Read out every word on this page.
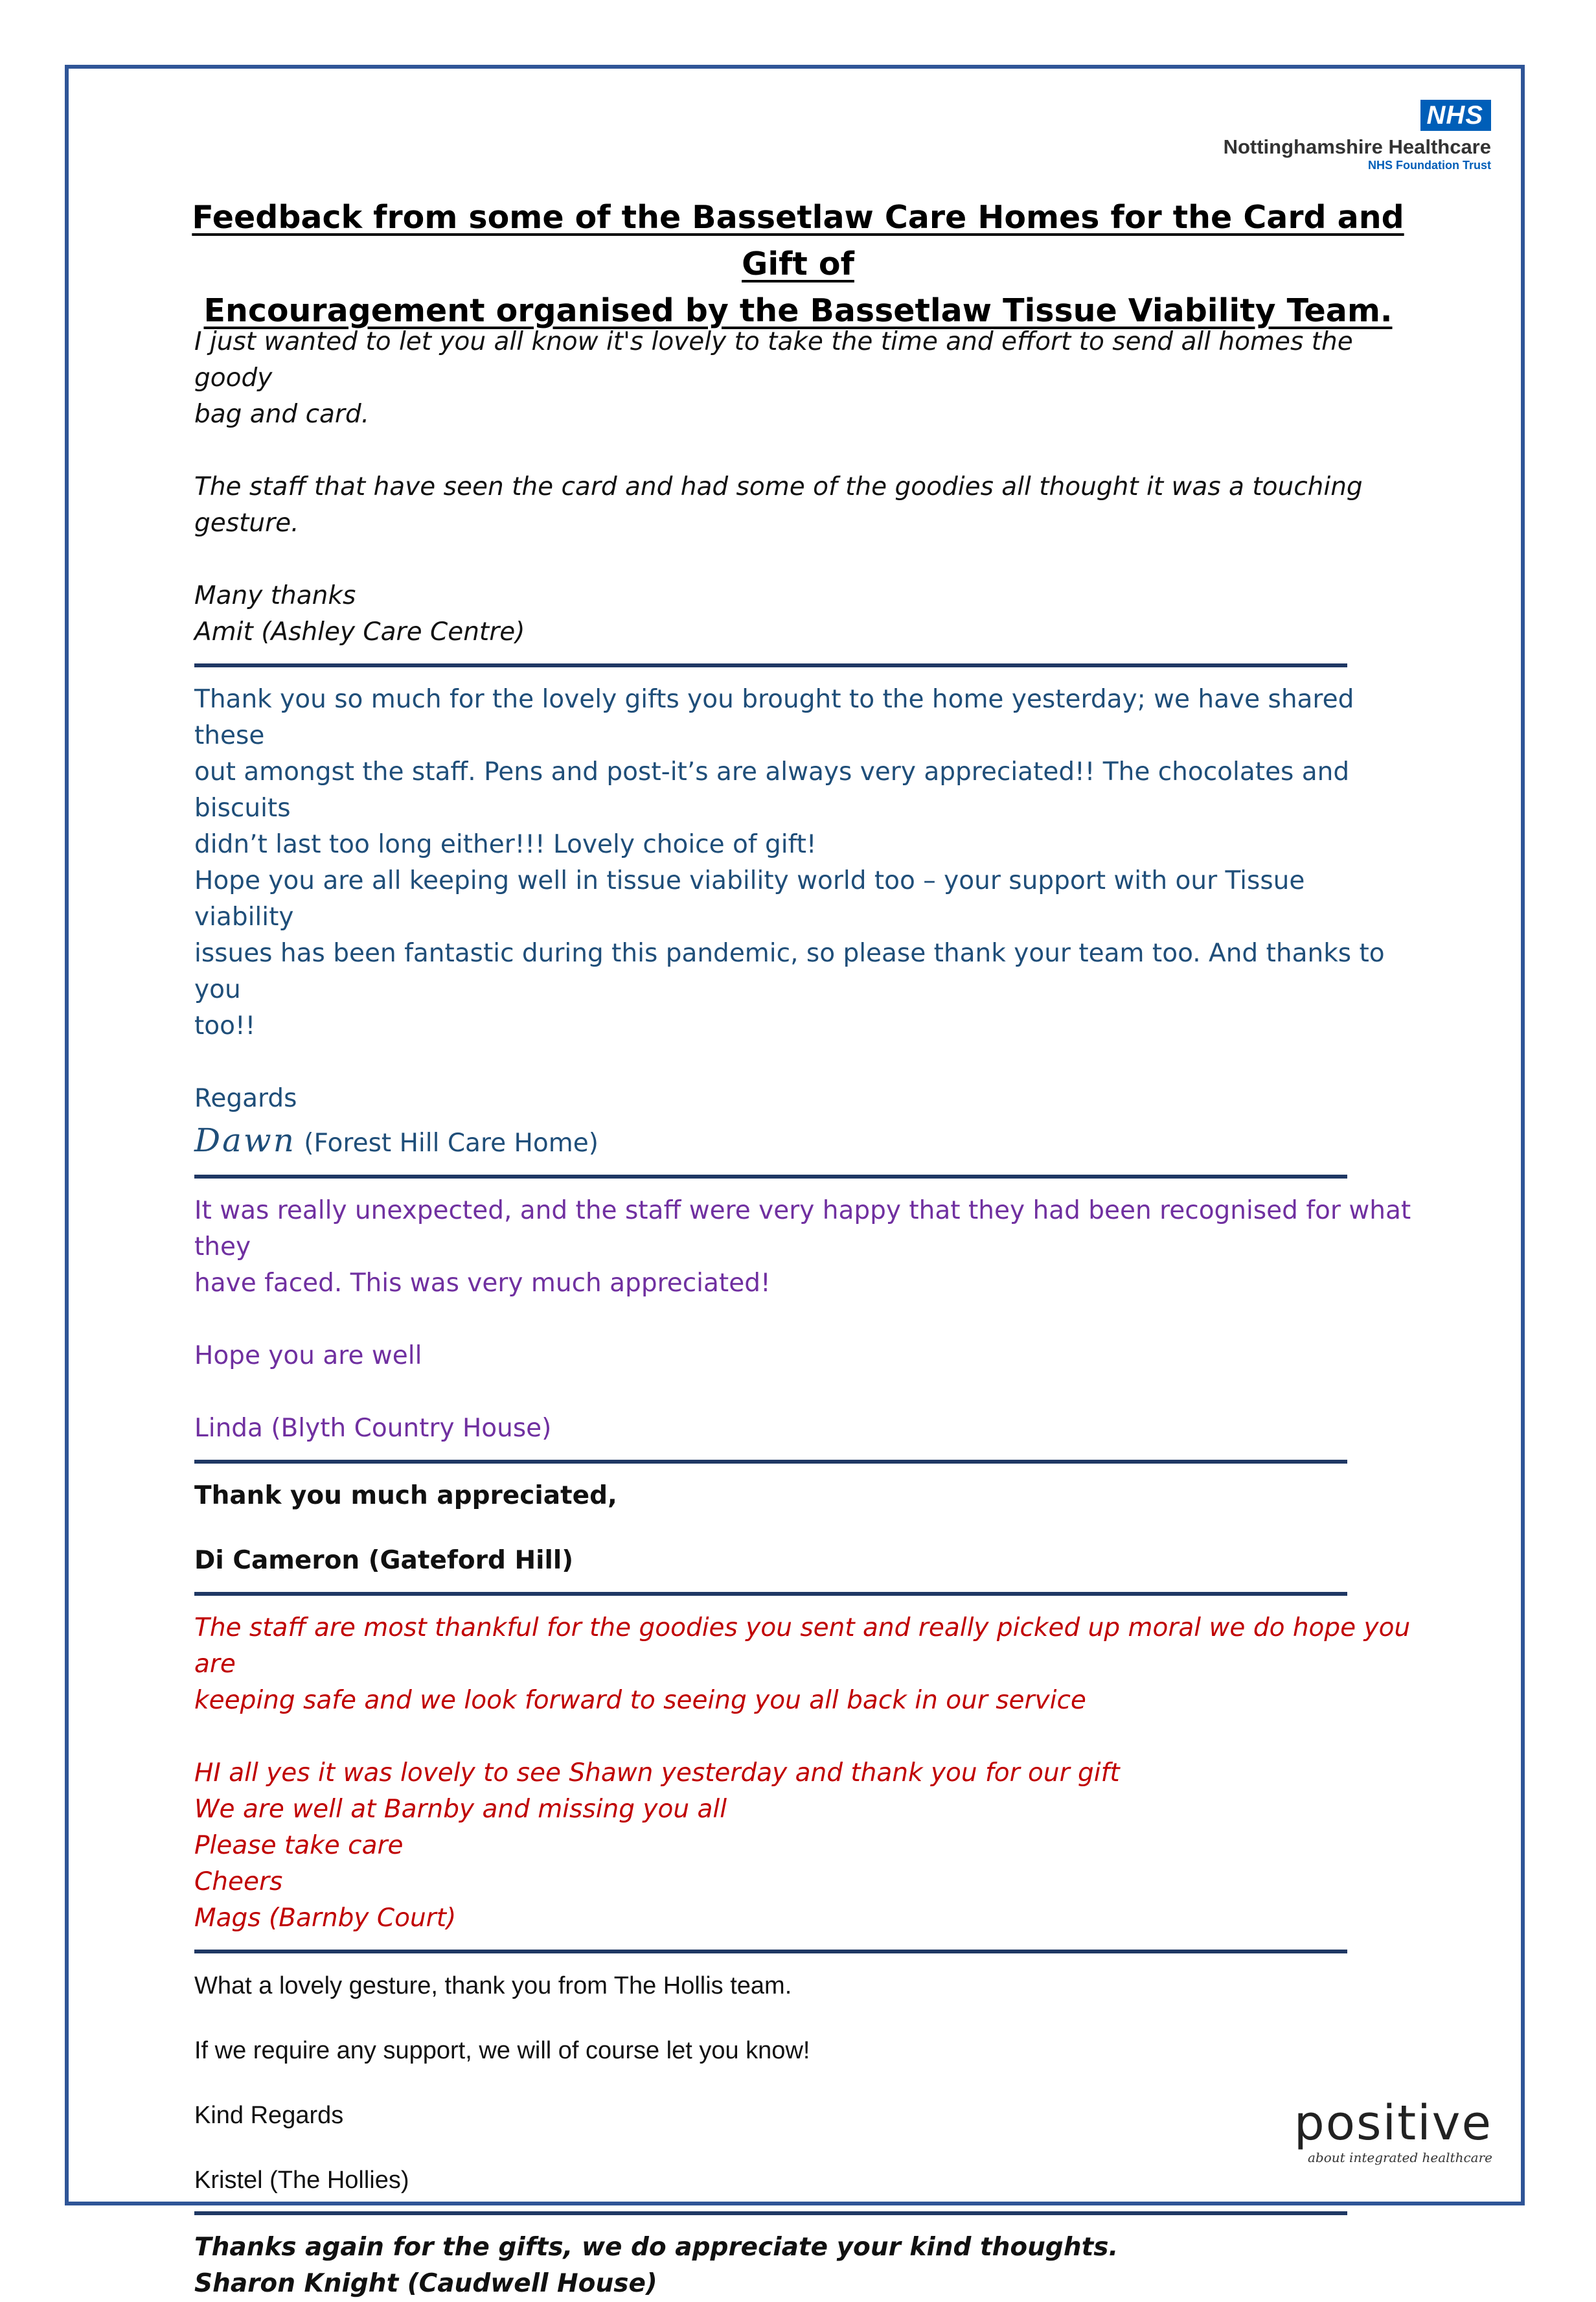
NHS
Nottinghamshire Healthcare
NHS Foundation Trust
Feedback from some of the Bassetlaw Care Homes for the Card and Gift of
Encouragement organised by the Bassetlaw Tissue Viability Team.

I just wanted to let you all know it's lovely to take the time and effort to send all homes the goody

bag and card.

The staff that have seen the card and had some of the goodies all thought it was a touching gesture.

Many thanks

Amit (Ashley Care Centre)

Thank you so much for the lovely gifts you brought to the home yesterday; we have shared these

out amongst the staff. Pens and post-it’s are always very appreciated!! The chocolates and biscuits

didn’t last too long either!!! Lovely choice of gift!

Hope you are all keeping well in tissue viability world too – your support with our Tissue viability

issues has been fantastic during this pandemic, so please thank your team too. And thanks to you

too!!

Regards

Dawn (Forest Hill Care Home)

It was really unexpected, and the staff were very happy that they had been recognised for what they

have faced. This was very much appreciated!

Hope you are well

Linda (Blyth Country House)

Thank you much appreciated,

Di Cameron (Gateford Hill)

The staff are most thankful for the goodies you sent and really picked up moral we do hope you are

keeping safe and we look forward to seeing you all back in our service

HI all yes it was lovely to see Shawn yesterday and thank you for our gift

We are well at Barnby and missing you all

Please take care

Cheers

Mags (Barnby Court)

What a lovely gesture, thank you from The Hollis team.

If we require any support, we will of course let you know!

Kind Regards

Kristel (The Hollies)

Thanks again for the gifts, we do appreciate your kind thoughts.

Sharon Knight (Caudwell House)

positive
about integrated healthcare
